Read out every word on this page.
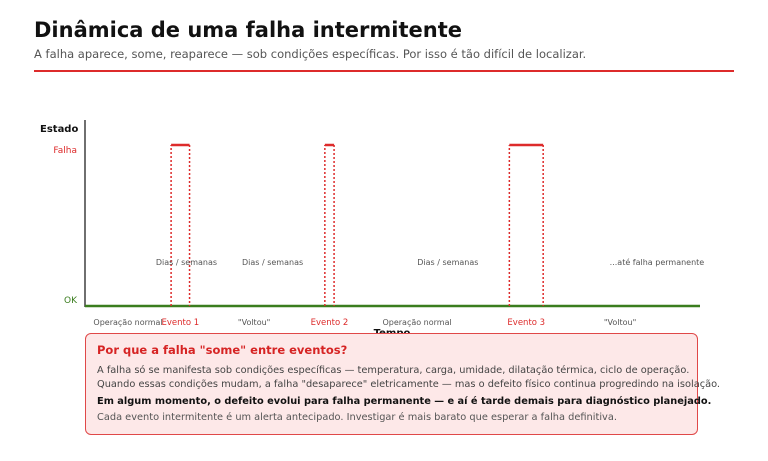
Dinâmica de uma falha intermitente
A falha aparece, some, reaparece — sob condições específicas. Por isso é tão difícil de localizar.
Estado
Falha
OK
Evento 1	Evento 2	Evento 3
Dias / semanas	Dias / semanas	Dias / semanas	...até falha permanente
Operação normal	"Voltou"	Operação normal	"Voltou"
Por que a falha "some" entre eventos?
A falha só se manifesta sob condições específicas — temperatura, carga, umidade, dilatação térmica, ciclo de operação.
Quando essas condições mudam, a falha "desaparece" eletricamente — mas o defeito físico continua progredindo na isolação.
Em algum momento, o defeito evolui para falha permanente — e aí é tarde demais para diagnóstico planejado.
Cada evento intermitente é um alerta antecipado. Investigar é mais barato que esperar a falha definitiva.
